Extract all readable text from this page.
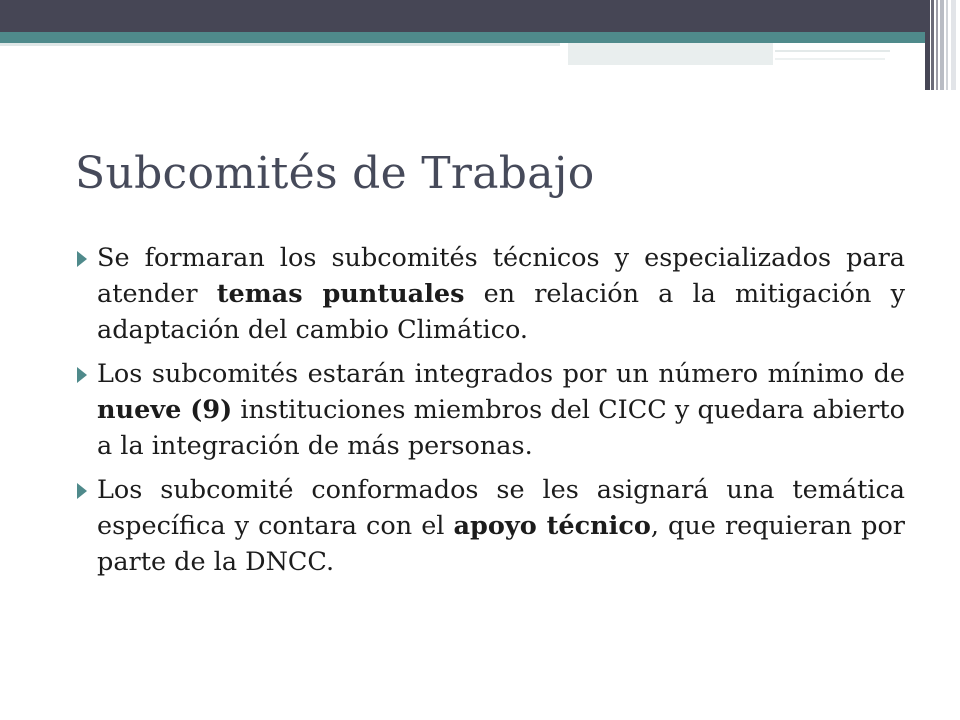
Subcomités de Trabajo
Se formaran los subcomités técnicos y especializados para atender temas puntuales en relación a la mitigación y adaptación del cambio Climático.
Los subcomités estarán integrados por un número mínimo de nueve (9) instituciones miembros del CICC y quedara abierto a la integración de más personas.
Los subcomité conformados se les asignará una temática específica y contara con el apoyo técnico, que requieran por parte de la DNCC.
